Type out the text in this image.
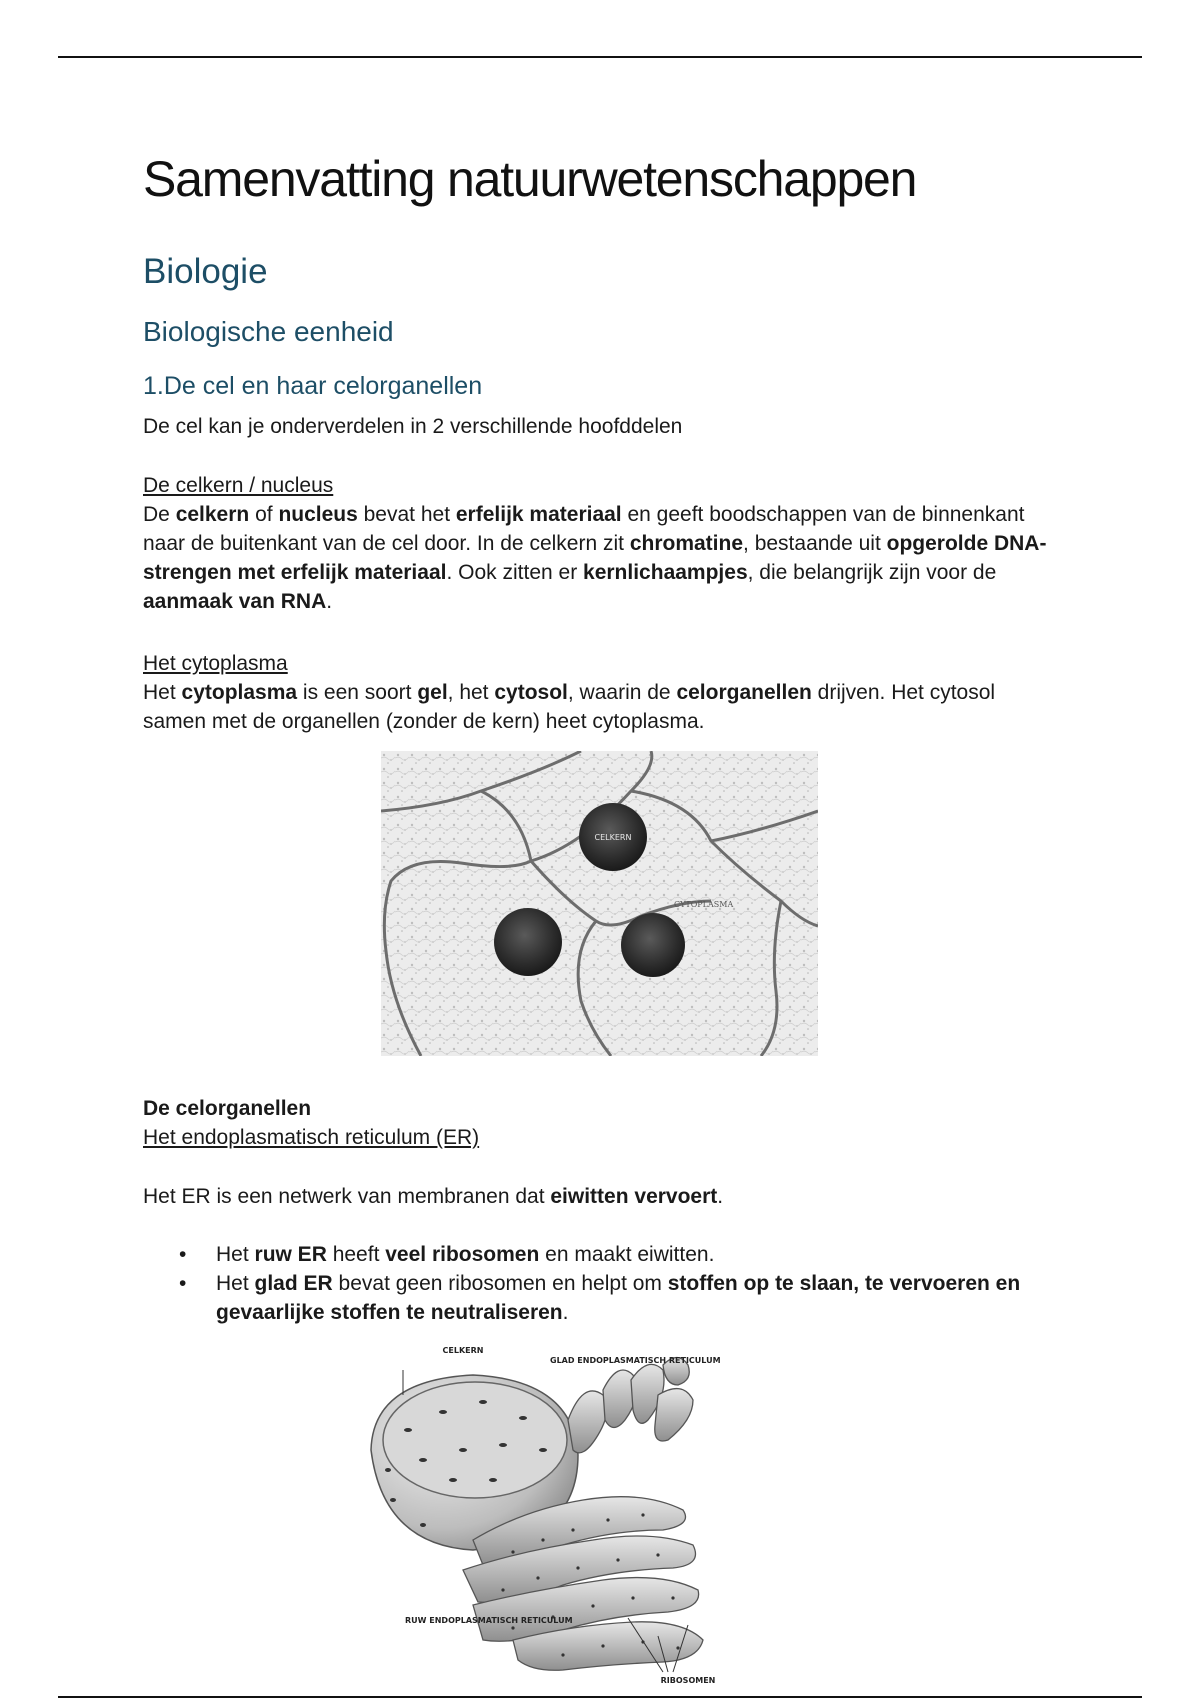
Samenvatting natuurwetenschappen
Biologie
Biologische eenheid
1.De cel en haar celorganellen
De cel kan je onderverdelen in 2 verschillende hoofddelen
De celkern / nucleus
De celkern of nucleus bevat het erfelijk materiaal en geeft boodschappen van de binnenkant naar de buitenkant van de cel door. In de celkern zit chromatine, bestaande uit opgerolde DNA-strengen met erfelijk materiaal. Ook zitten er kernlichaampjes, die belangrijk zijn voor de aanmaak van RNA.
Het cytoplasma
Het cytoplasma is een soort gel, het cytosol, waarin de celorganellen drijven. Het cytosol samen met de organellen (zonder de kern) heet cytoplasma.
De celorganellen
Het endoplasmatisch reticulum (ER)
Het ER is een netwerk van membranen dat eiwitten vervoert.
• Het ruw ER heeft veel ribosomen en maakt eiwitten.
• Het glad ER bevat geen ribosomen en helpt om stoffen op te slaan, te vervoeren en gevaarlijke stoffen te neutraliseren.
CELKERN
CYTOPLASMA
CELKERN
GLAD ENDOPLASMATISCH RETICULUM
RUW ENDOPLASMATISCH RETICULUM
RIBOSOMEN
